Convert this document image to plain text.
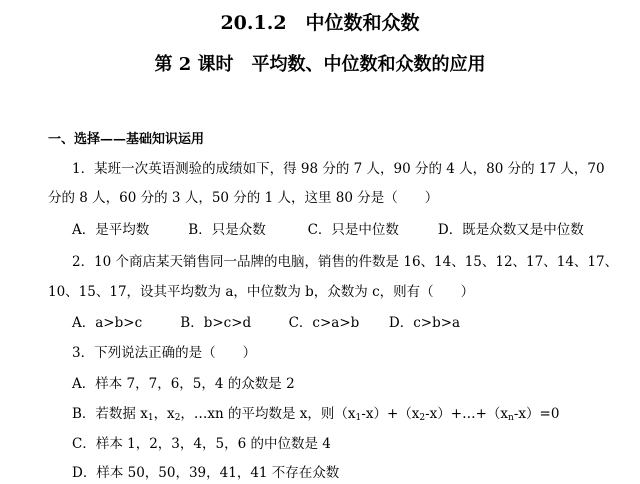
20.1.2　中位数和众数
第 2 课时　平均数、中位数和众数的应用
一、选择——基础知识运用
1．某班一次英语测验的成绩如下，得 98 分的 7 人，90 分的 4 人，80 分的 17 人，70
分的 8 人，60 分的 3 人，50 分的 1 人，这里 80 分是（　　）
A．是平均数	B．只是众数	C．只是中位数	D．既是众数又是中位数
2．10 个商店某天销售同一品牌的电脑，销售的件数是 16、14、15、12、17、14、17、
10、15、17，设其平均数为 a，中位数为 b，众数为 c，则有（　　）
A．a>b>c	B．b>c>d	C．c>a>b D．c>b>a
3．下列说法正确的是（　　）
A．样本 7，7，6，5，4 的众数是 2
B．若数据 $x_1$，$x_2$，…xn 的平均数是 x，则$(x_1-x)+(x_2-x)+\dots+(x_n-x)=0$
C．样本 1，2，3，4，5，6 的中位数是 4
D．样本 50，50，39，41，41 不存在众数
